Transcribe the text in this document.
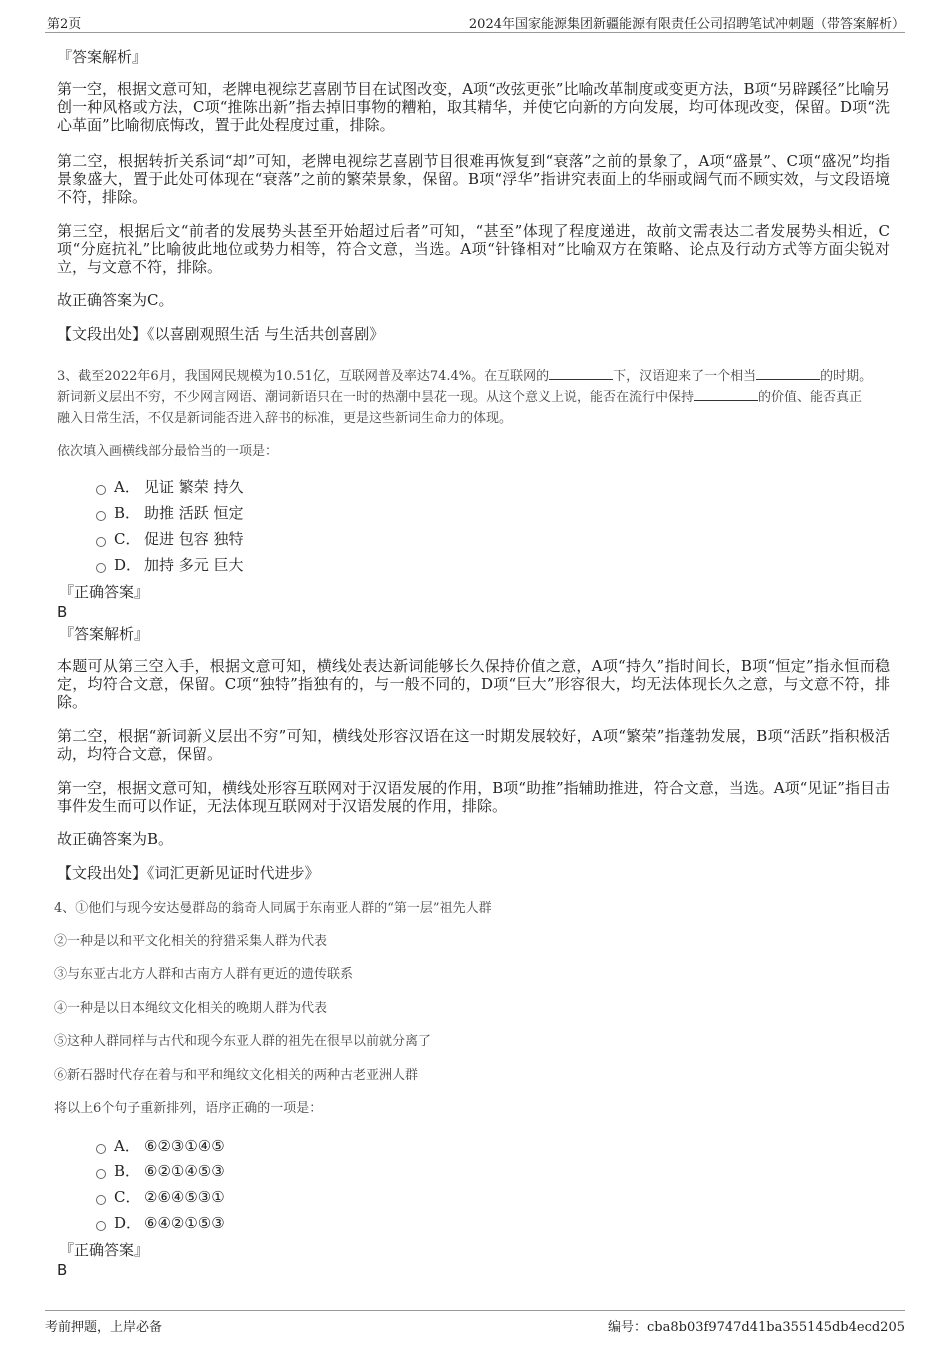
第2页	2024年国家能源集团新疆能源有限责任公司招聘笔试冲刺题（带答案解析）
『答案解析』

第一空，根据文意可知，老牌电视综艺喜剧节目在试图改变，A项“改弦更张”比喻改革制度或变更方法，B项“另辟蹊径”比喻另创一种风格或方法，C项“推陈出新”指去掉旧事物的糟粕，取其精华，并使它向新的方向发展，均可体现改变，保留。D项“洗心革面”比喻彻底悔改，置于此处程度过重，排除。

第二空，根据转折关系词“却”可知，老牌电视综艺喜剧节目很难再恢复到“衰落”之前的景象了，A项“盛景”、C项“盛况”均指景象盛大，置于此处可体现在“衰落”之前的繁荣景象，保留。B项“浮华”指讲究表面上的华丽或阔气而不顾实效，与文段语境不符，排除。

第三空，根据后文“前者的发展势头甚至开始超过后者”可知，“甚至”体现了程度递进，故前文需表达二者发展势头相近，C项“分庭抗礼”比喻彼此地位或势力相等，符合文意，当选。A项“针锋相对”比喻双方在策略、论点及行动方式等方面尖锐对立，与文意不符，排除。

故正确答案为C。
【文段出处】《以喜剧观照生活 与生活共创喜剧》
3、截至2022年6月，我国网民规模为10.51亿，互联网普及率达74.4%。在互联网的	下，汉语迎来了一个相当	的时期。
新词新义层出不穷，不少网言网语、潮词新语只在一时的热潮中昙花一现。从这个意义上说，能否在流行中保持	的价值、能否真正
融入日常生活，不仅是新词能否进入辞书的标准，更是这些新词生命力的体现。
依次填入画横线部分最恰当的一项是：
A． 见证 繁荣 持久
B． 助推 活跃 恒定
C． 促进 包容 独特
D． 加持 多元 巨大
『正确答案』
B
『答案解析』

本题可从第三空入手，根据文意可知，横线处表达新词能够长久保持价值之意，A项“持久”指时间长，B项“恒定”指永恒而稳定，均符合文意，保留。C项“独特”指独有的，与一般不同的，D项“巨大”形容很大，均无法体现长久之意，与文意不符，排除。

第二空，根据“新词新义层出不穷”可知，横线处形容汉语在这一时期发展较好，A项“繁荣”指蓬勃发展，B项“活跃”指积极活动，均符合文意，保留。

第一空，根据文意可知，横线处形容互联网对于汉语发展的作用，B项“助推”指辅助推进，符合文意，当选。A项“见证”指目击事件发生而可以作证，无法体现互联网对于汉语发展的作用，排除。

故正确答案为B。
【文段出处】《词汇更新见证时代进步》
4、①他们与现今安达曼群岛的翁奇人同属于东南亚人群的“第一层”祖先人群
②一种是以和平文化相关的狩猎采集人群为代表
③与东亚古北方人群和古南方人群有更近的遗传联系
④一种是以日本绳纹文化相关的晚期人群为代表
⑤这种人群同样与古代和现今东亚人群的祖先在很早以前就分离了
⑥新石器时代存在着与和平和绳纹文化相关的两种古老亚洲人群
将以上6个句子重新排列，语序正确的一项是：
A． ⑥②③①④⑤
B． ⑥②①④⑤③
C． ②⑥④⑤③①
D． ⑥④②①⑤③
『正确答案』
B
考前押题，上岸必备	编号：cba8b03f9747d41ba355145db4ecd205
